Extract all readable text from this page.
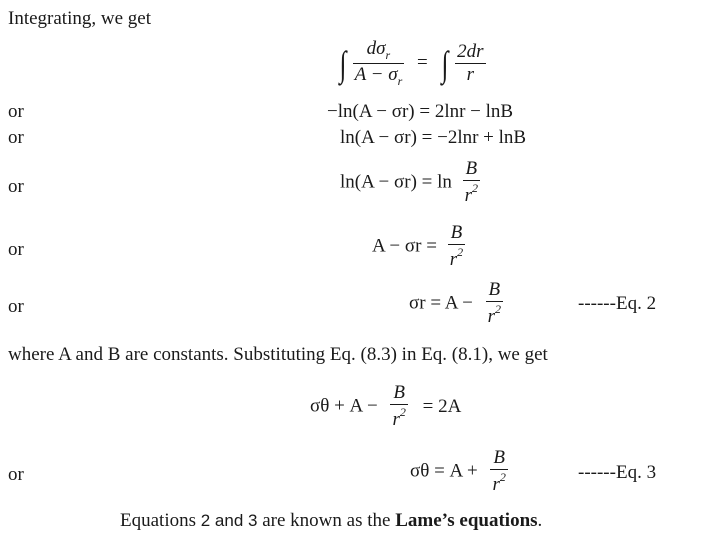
Integrating, we get
∫ $\frac{d\sigma_r}{A - \sigma_r}$ = ∫ $\frac{2dr}{r}$
or	−ln(A − σr) = 2lnr − lnB
or	ln(A − σr) = −2lnr + lnB
or	$\ln(A - \sigma r) = \ln \frac{B}{r^2}$
or	$A - \sigma r = \frac{B}{r^2}$
or	$\sigma r = A - \frac{B}{r^2}$	------Eq. 2
where A and B are constants. Substituting Eq. (8.3) in Eq. (8.1), we get
$\sigma\theta + A - \frac{B}{r^2} = 2A$
or	$\sigma\theta = A + \frac{B}{r^2}$	------Eq. 3
Equations 2 and 3 are known as the Lame’s equations.
